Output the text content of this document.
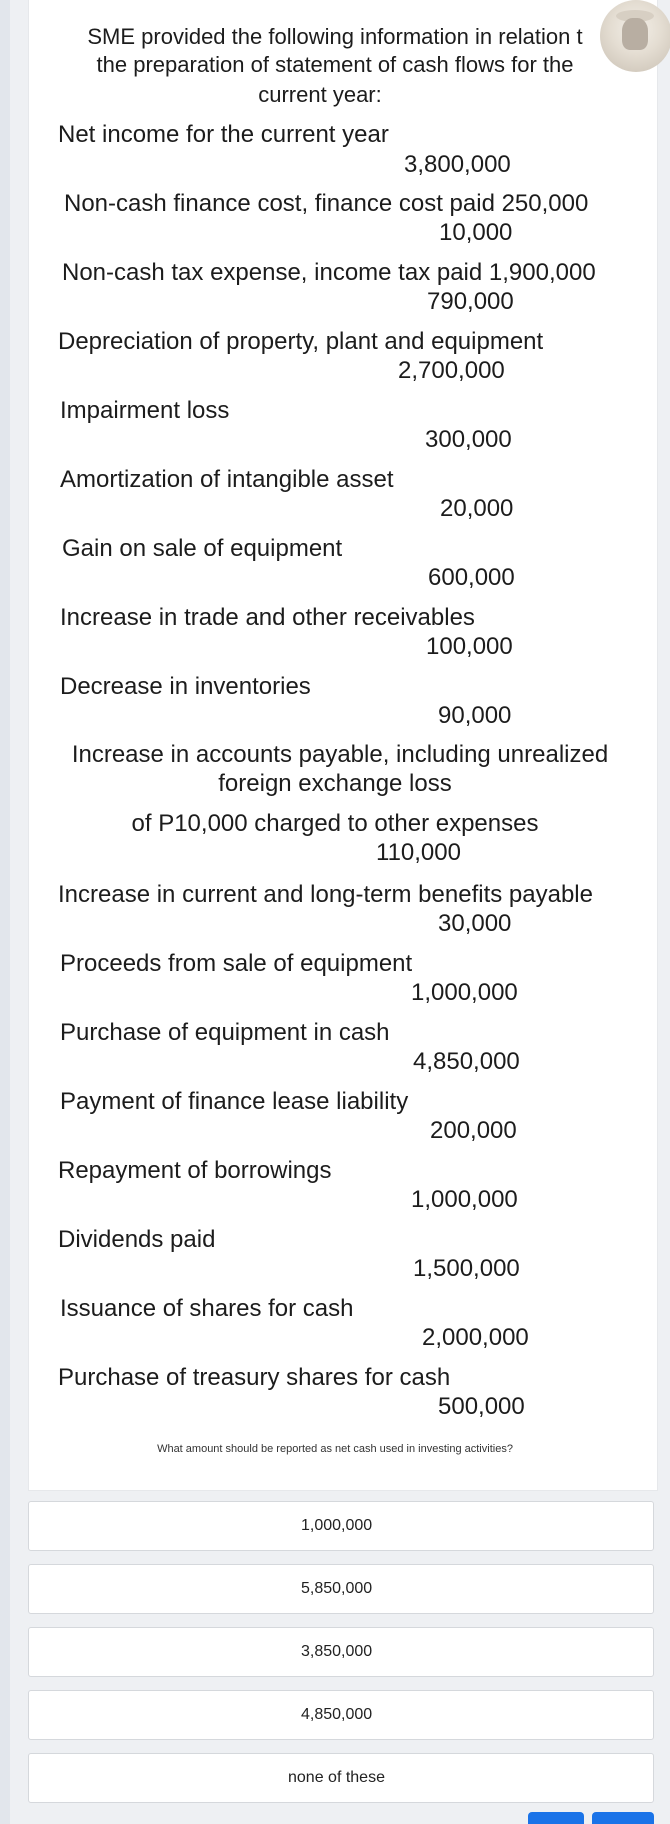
SME provided the following information in relation t

the preparation of statement of cash flows for the

current year:

Net income for the current year

3,800,000

Non-cash finance cost, finance cost paid 250,000

10,000

Non-cash tax expense, income tax paid 1,900,000

790,000

Depreciation of property, plant and equipment

2,700,000

Impairment loss

300,000

Amortization of intangible asset

20,000

Gain on sale of equipment

600,000

Increase in trade and other receivables

100,000

Decrease in inventories

90,000

Increase in accounts payable, including unrealized

foreign exchange loss

of P10,000 charged to other expenses

110,000

Increase in current and long-term benefits payable

30,000

Proceeds from sale of equipment

1,000,000

Purchase of equipment in cash

4,850,000

Payment of finance lease liability

200,000

Repayment of borrowings

1,000,000

Dividends paid

1,500,000

Issuance of shares for cash

2,000,000

Purchase of treasury shares for cash

500,000

What amount should be reported as net cash used in investing activities?
1,000,000
5,850,000
3,850,000
4,850,000
none of these
